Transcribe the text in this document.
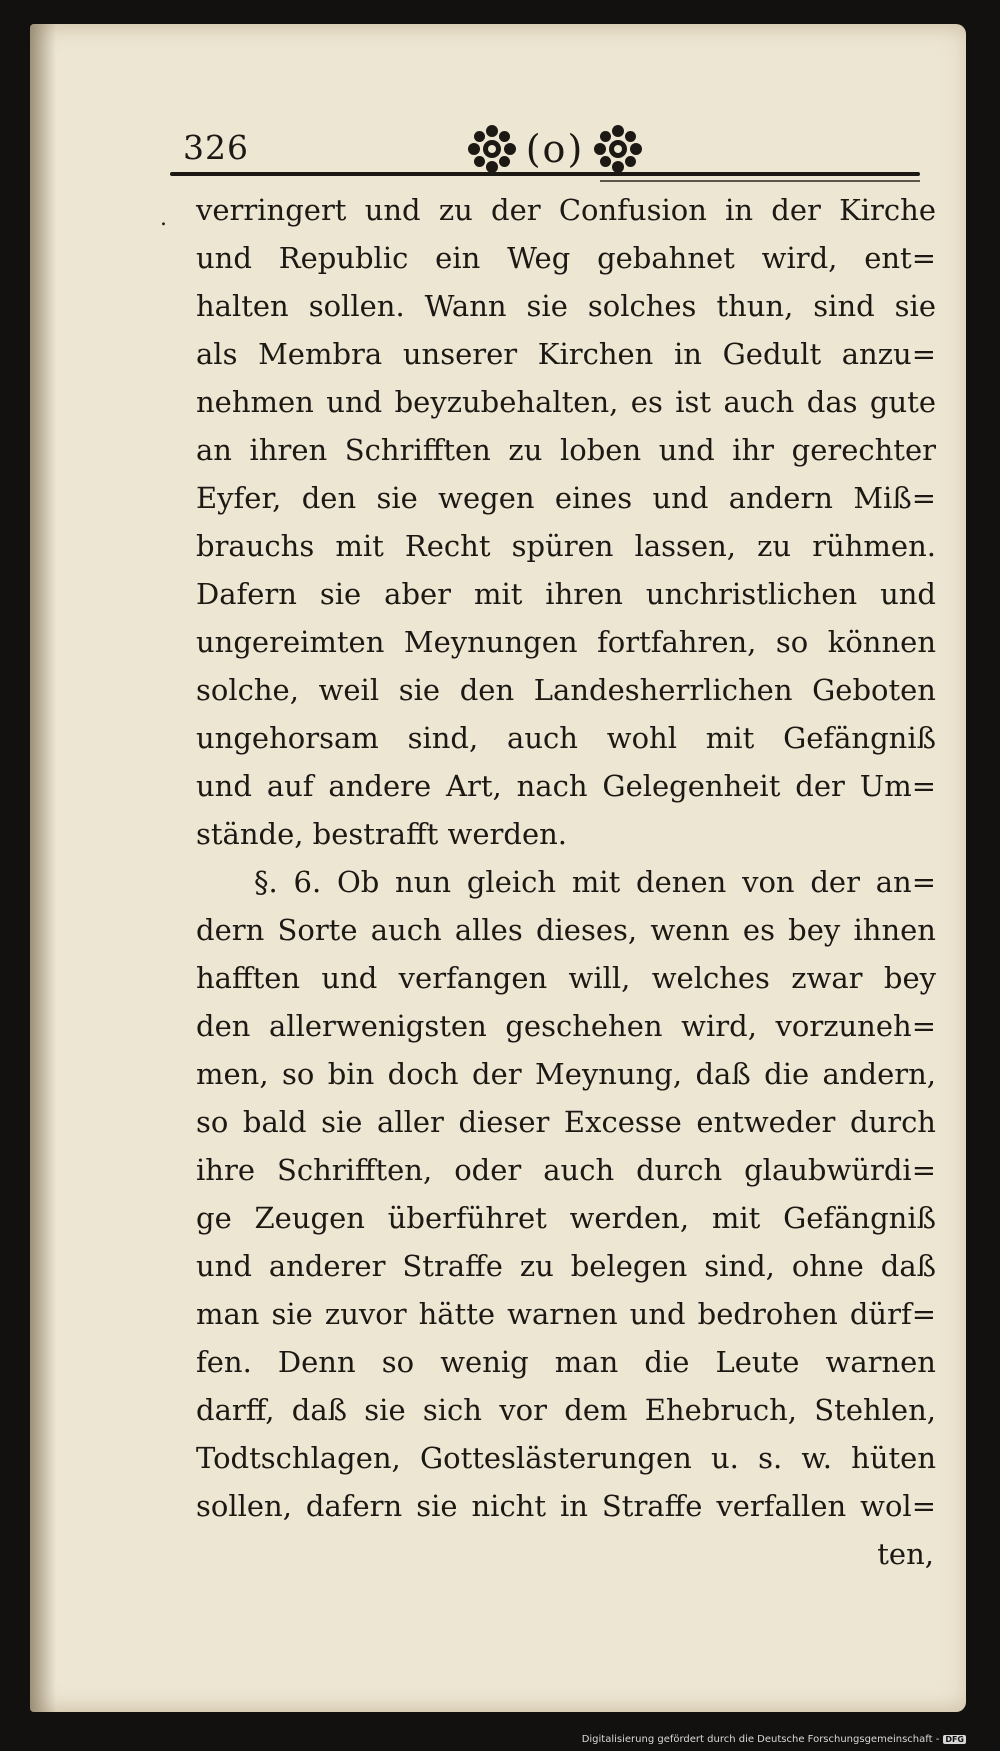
326	(o)
. verringert und zu der Confusion in der Kirche
und Republic ein Weg gebahnet wird, ent=
halten sollen. Wann sie solches thun, sind sie
als Membra unserer Kirchen in Gedult anzu=
nehmen und beyzubehalten, es ist auch das gute
an ihren Schrifften zu loben und ihr gerechter
Eyfer, den sie wegen eines und andern Miß=
brauchs mit Recht spüren lassen, zu rühmen.
Dafern sie aber mit ihren unchristlichen und
ungereimten Meynungen fortfahren, so können
solche, weil sie den Landesherrlichen Geboten
ungehorsam sind, auch wohl mit Gefängniß
und auf andere Art, nach Gelegenheit der Um=
stände, bestrafft werden.
§. 6. Ob nun gleich mit denen von der an=
dern Sorte auch alles dieses, wenn es bey ihnen
hafften und verfangen will, welches zwar bey
den allerwenigsten geschehen wird, vorzuneh=
men, so bin doch der Meynung, daß die andern,
so bald sie aller dieser Excesse entweder durch
ihre Schrifften, oder auch durch glaubwürdi=
ge Zeugen überführet werden, mit Gefängniß
und anderer Straffe zu belegen sind, ohne daß
man sie zuvor hätte warnen und bedrohen dürf=
fen. Denn so wenig man die Leute warnen
darff, daß sie sich vor dem Ehebruch, Stehlen,
Todtschlagen, Gotteslästerungen u. s. w. hüten
sollen, dafern sie nicht in Straffe verfallen wol=
ten,
Digitalisierung gefördert durch die Deutsche Forschungsgemeinschaft - DFG
